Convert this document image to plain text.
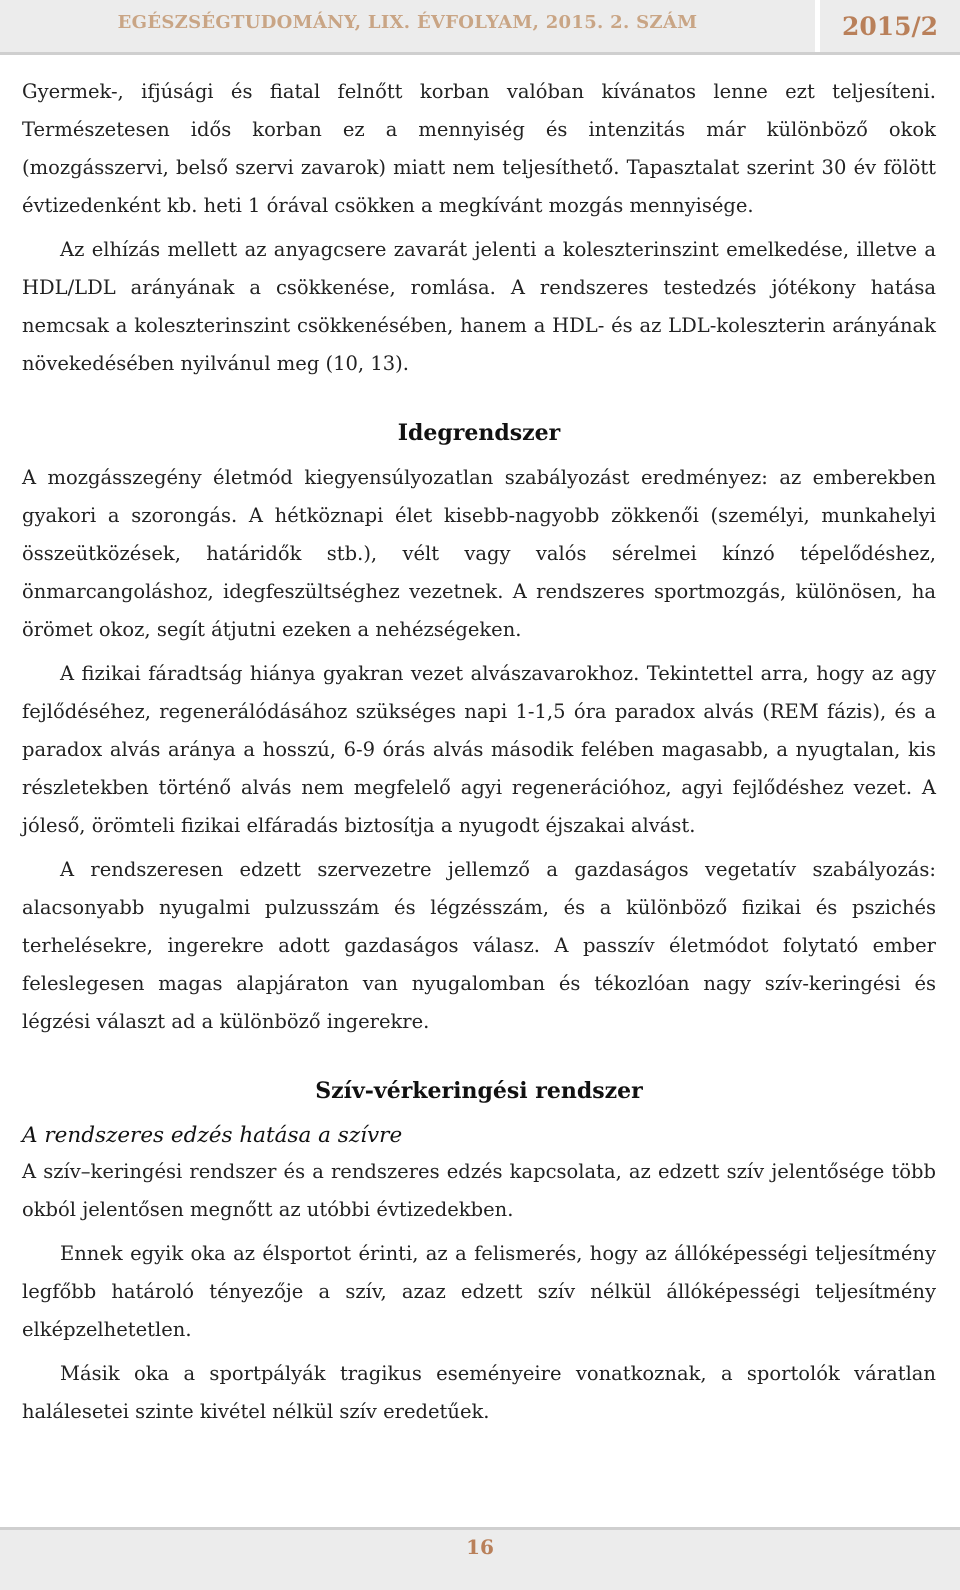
EGÉSZSÉGTUDOMÁNY, LIX. ÉVFOLYAM, 2015. 2. SZÁM	2015/2

Gyermek-, ifjúsági és fiatal felnőtt korban valóban kívánatos lenne ezt teljesíteni. Természetesen idős korban ez a mennyiség és intenzitás már különböző okok (mozgásszervi, belső szervi zavarok) miatt nem teljesíthető. Tapasztalat szerint 30 év fölött évtizedenként kb. heti 1 órával csökken a megkívánt mozgás mennyisége.

Az elhízás mellett az anyagcsere zavarát jelenti a koleszterinszint emelkedése, illetve a HDL/LDL arányának a csökkenése, romlása. A rendszeres testedzés jótékony hatása nemcsak a koleszterinszint csökkenésében, hanem a HDL- és az LDL-koleszterin arányának növekedésében nyilvánul meg (10, 13).

Idegrendszer

A mozgásszegény életmód kiegyensúlyozatlan szabályozást eredményez: az emberekben gyakori a szorongás. A hétköznapi élet kisebb-nagyobb zökkenői (személyi, munkahelyi összeütközések, határidők stb.), vélt vagy valós sérelmei kínzó tépelődéshez, önmarcangoláshoz, idegfeszültséghez vezetnek. A rendszeres sportmozgás, különösen, ha örömet okoz, segít átjutni ezeken a nehézségeken.

A fizikai fáradtság hiánya gyakran vezet alvászavarokhoz. Tekintettel arra, hogy az agy fejlődéséhez, regenerálódásához szükséges napi 1-1,5 óra paradox alvás (REM fázis), és a paradox alvás aránya a hosszú, 6-9 órás alvás második felében magasabb, a nyugtalan, kis részletekben történő alvás nem megfelelő agyi regenerációhoz, agyi fejlődéshez vezet. A jóleső, örömteli fizikai elfáradás biztosítja a nyugodt éjszakai alvást.

A rendszeresen edzett szervezetre jellemző a gazdaságos vegetatív szabályozás: alacsonyabb nyugalmi pulzusszám és légzésszám, és a különböző fizikai és pszichés terhelésekre, ingerekre adott gazdaságos válasz. A passzív életmódot folytató ember feleslegesen magas alapjáraton van nyugalomban és tékozlóan nagy szív-keringési és légzési választ ad a különböző ingerekre.

Szív-vérkeringési rendszer
A rendszeres edzés hatása a szívre

A szív–keringési rendszer és a rendszeres edzés kapcsolata, az edzett szív jelentősége több okból jelentősen megnőtt az utóbbi évtizedekben.

Ennek egyik oka az élsportot érinti, az a felismerés, hogy az állóképességi teljesítmény legfőbb határoló tényezője a szív, azaz edzett szív nélkül állóképességi teljesítmény elképzelhetetlen.

Másik oka a sportpályák tragikus eseményeire vonatkoznak, a sportolók váratlan halálesetei szinte kivétel nélkül szív eredetűek.

16
